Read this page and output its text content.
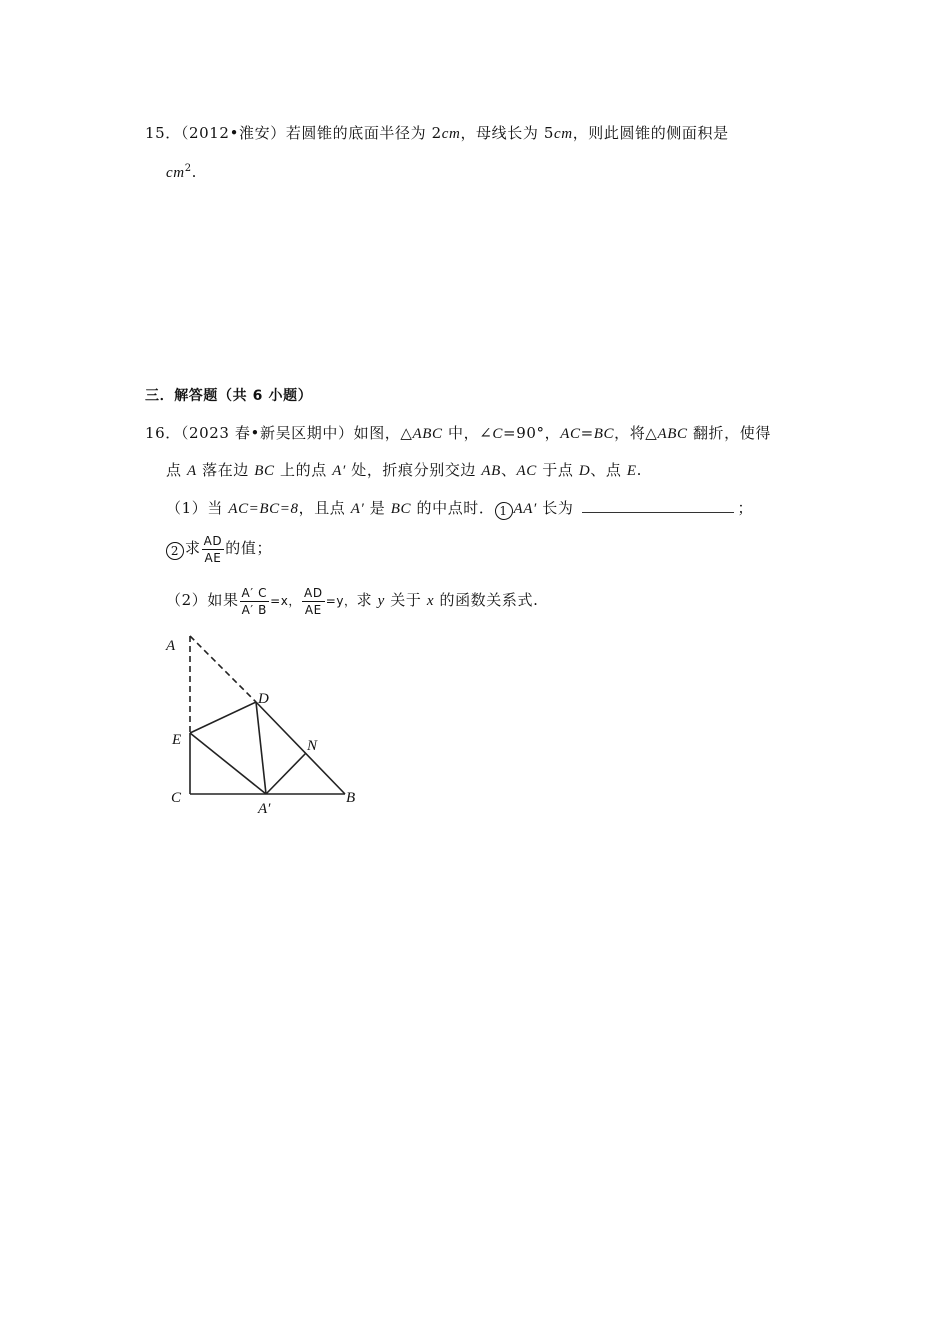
15．（2012•淮安）若圆锥的底面半径为 2cm，母线长为 5cm，则此圆锥的侧面积是
$cm^2$.
三．解答题（共 6 小题）
16．（2023 春•新吴区期中）如图，△ABC 中，∠C=90°，AC=BC，将△ABC 翻折，使得
点 A 落在边 BC 上的点 A′ 处，折痕分别交边 AB、AC 于点 D、点 E.
（1）当 AC=BC=8，且点 A′ 是 BC 的中点时． 1 AA′ 长为	；
2 求 $\frac{AD}{AE}$ 的值；
（2）如果 $\frac{A' C}{A' B} =x$， $\frac{AD}{AE} =y$，求 y 关于 x 的函数关系式.
A
D
E	N
C
A′
B
